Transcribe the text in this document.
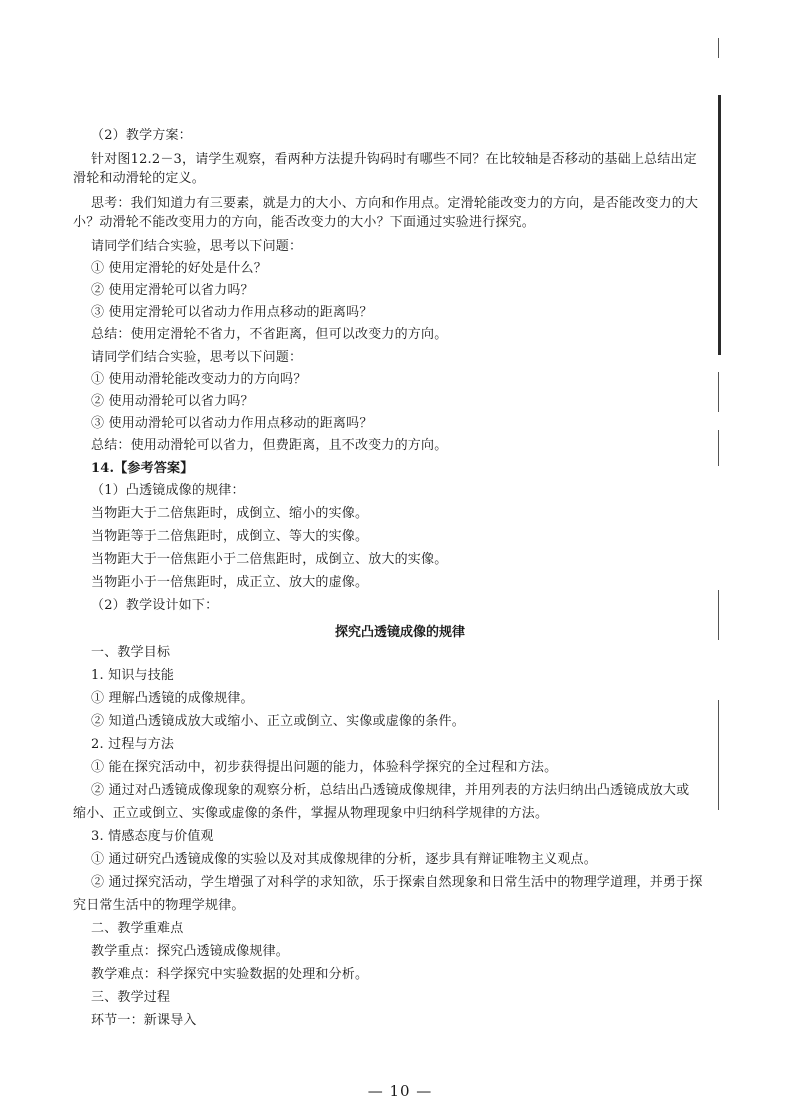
（2）教学方案：
针对图12.2－3，请学生观察，看两种方法提升钩码时有哪些不同？在比较轴是否移动的基础上总结出定
滑轮和动滑轮的定义。
思考：我们知道力有三要素，就是力的大小、方向和作用点。定滑轮能改变力的方向，是否能改变力的大
小？动滑轮不能改变用力的方向，能否改变力的大小？下面通过实验进行探究。
请同学们结合实验，思考以下问题：
① 使用定滑轮的好处是什么？
② 使用定滑轮可以省力吗？
③ 使用定滑轮可以省动力作用点移动的距离吗？
总结：使用定滑轮不省力，不省距离，但可以改变力的方向。
请同学们结合实验，思考以下问题：
① 使用动滑轮能改变动力的方向吗？
② 使用动滑轮可以省力吗？
③ 使用动滑轮可以省动力作用点移动的距离吗？
总结：使用动滑轮可以省力，但费距离，且不改变力的方向。
14.【参考答案】
（1）凸透镜成像的规律：
当物距大于二倍焦距时，成倒立、缩小的实像。
当物距等于二倍焦距时，成倒立、等大的实像。
当物距大于一倍焦距小于二倍焦距时，成倒立、放大的实像。
当物距小于一倍焦距时，成正立、放大的虚像。
（2）教学设计如下：
探究凸透镜成像的规律
一、教学目标
1. 知识与技能
① 理解凸透镜的成像规律。
② 知道凸透镜成放大或缩小、正立或倒立、实像或虚像的条件。
2. 过程与方法
① 能在探究活动中，初步获得提出问题的能力，体验科学探究的全过程和方法。
② 通过对凸透镜成像现象的观察分析，总结出凸透镜成像规律，并用列表的方法归纳出凸透镜成放大或
缩小、正立或倒立、实像或虚像的条件，掌握从物理现象中归纳科学规律的方法。
3. 情感态度与价值观
① 通过研究凸透镜成像的实验以及对其成像规律的分析，逐步具有辩证唯物主义观点。
② 通过探究活动，学生增强了对科学的求知欲，乐于探索自然现象和日常生活中的物理学道理，并勇于探
究日常生活中的物理学规律。
二、教学重难点
教学重点：探究凸透镜成像规律。
教学难点：科学探究中实验数据的处理和分析。
三、教学过程
环节一：新课导入
— 10 —
